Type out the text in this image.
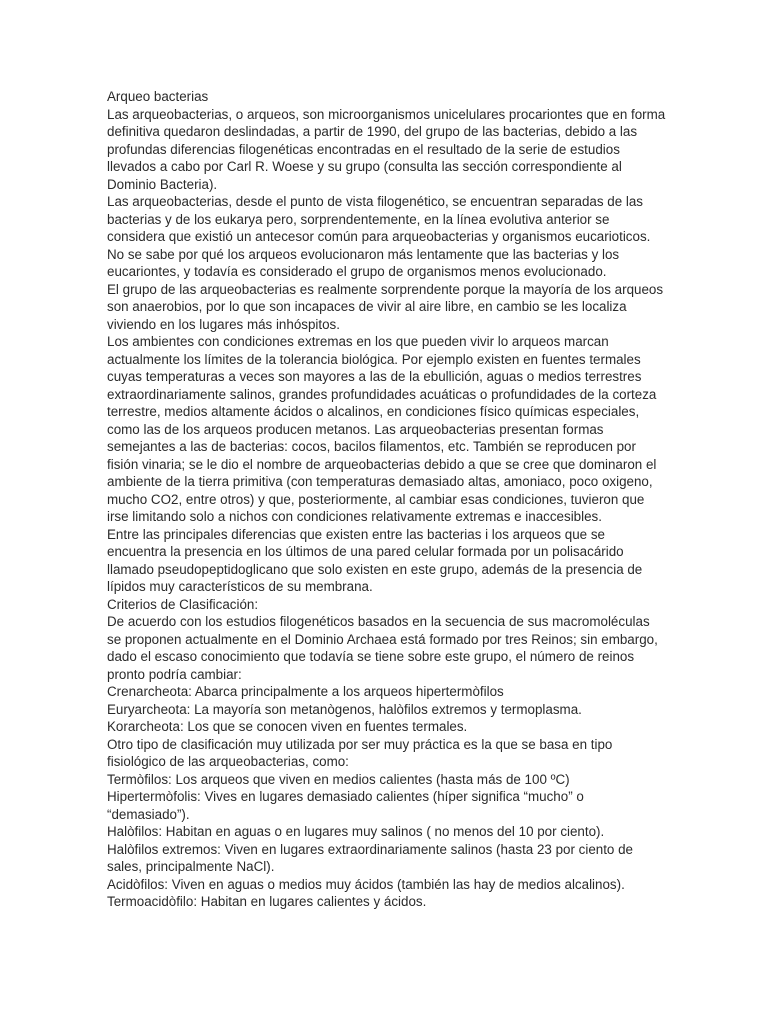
Arqueo bacterias

Las arqueobacterias, o arqueos, son microorganismos unicelulares procariontes que en forma definitiva quedaron deslindadas, a partir de 1990, del grupo de las bacterias, debido a las profundas diferencias filogenéticas encontradas en el resultado de la serie de estudios llevados a cabo por Carl R. Woese y su grupo (consulta las sección correspondiente al Dominio Bacteria).

Las arqueobacterias, desde el punto de vista filogenético, se encuentran separadas de las bacterias y de los eukarya pero, sorprendentemente, en la línea evolutiva anterior se considera que existió un antecesor común para arqueobacterias y organismos eucarioticos. No se sabe por qué los arqueos evolucionaron más lentamente que las bacterias y los eucariontes, y todavía es considerado el grupo de organismos menos evolucionado.

El grupo de las arqueobacterias es realmente sorprendente porque la mayoría de los arqueos son anaerobios, por lo que son incapaces de vivir al aire libre, en cambio se les localiza viviendo en los lugares más inhóspitos.

Los ambientes con condiciones extremas en los que pueden vivir lo arqueos marcan actualmente los límites de la tolerancia biológica. Por ejemplo existen en fuentes termales cuyas temperaturas a veces son mayores a las de la ebullición, aguas o medios terrestres extraordinariamente salinos, grandes profundidades acuáticas o profundidades de la corteza terrestre, medios altamente ácidos o alcalinos, en condiciones físico químicas especiales, como las de los arqueos producen metanos. Las arqueobacterias presentan formas semejantes a las de bacterias: cocos, bacilos filamentos, etc. También se reproducen por fisión vinaria; se le dio el nombre de arqueobacterias debido a que se cree que dominaron el ambiente de la tierra primitiva (con temperaturas demasiado altas, amoniaco, poco oxigeno, mucho CO2, entre otros) y que, posteriormente, al cambiar esas condiciones, tuvieron que irse limitando solo a nichos con condiciones relativamente extremas e inaccesibles.

Entre las principales diferencias que existen entre las bacterias i los arqueos que se encuentra la presencia en los últimos de una pared celular formada por un polisacárido llamado pseudopeptidoglicano que solo existen en este grupo, además de la presencia de lípidos muy característicos de su membrana.

Criterios de Clasificación:

De acuerdo con los estudios filogenéticos basados en la secuencia de sus macromoléculas se proponen actualmente en el Dominio Archaea está formado por tres Reinos; sin embargo, dado el escaso conocimiento que todavía se tiene sobre este grupo, el número de reinos pronto podría cambiar:

Crenarcheota: Abarca principalmente a los arqueos hipertermòfilos

Euryarcheota: La mayoría son metanògenos, halòfilos extremos y termoplasma.

Korarcheota: Los que se conocen viven en fuentes termales.

Otro tipo de clasificación muy utilizada por ser muy práctica es la que se basa en tipo fisiológico de las arqueobacterias, como:

Termòfilos: Los arqueos que viven en medios calientes (hasta más de 100 ºC)

Hipertermòfolis: Vives en lugares demasiado calientes (híper significa “mucho” o “demasiado”).

Halòfilos: Habitan en aguas o en lugares muy salinos ( no menos del 10 por ciento).

Halòfilos extremos: Viven en lugares extraordinariamente salinos (hasta 23 por ciento de sales, principalmente NaCl).

Acidòfilos: Viven en aguas o medios muy ácidos (también las hay de medios alcalinos).

Termoacidòfilo: Habitan en lugares calientes y ácidos.
